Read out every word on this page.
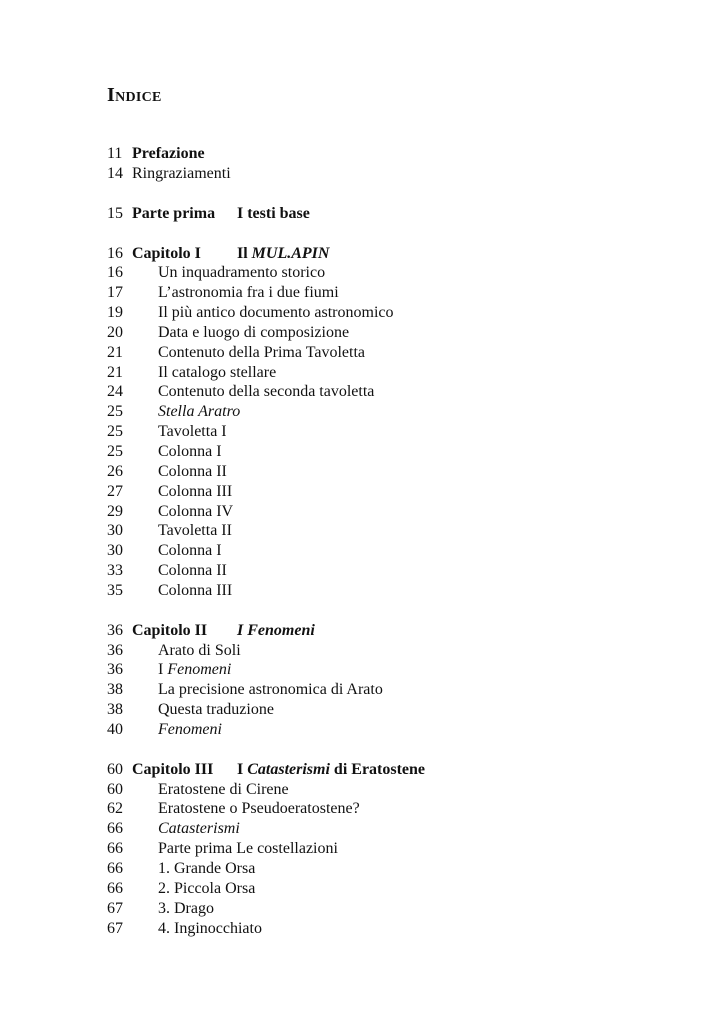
Indice
11 Prefazione
14 Ringraziamenti
15 Parte prima I testi base
16 Capitolo I Il MUL.APIN
16 Un inquadramento storico
17 L’astronomia fra i due fiumi
19 Il più antico documento astronomico
20 Data e luogo di composizione
21 Contenuto della Prima Tavoletta
21 Il catalogo stellare
24 Contenuto della seconda tavoletta
25 Stella Aratro
25 Tavoletta I
25 Colonna I
26 Colonna II
27 Colonna III
29 Colonna IV
30 Tavoletta II
30 Colonna I
33 Colonna II
35 Colonna III
36 Capitolo II I Fenomeni
36 Arato di Soli
36 I Fenomeni
38 La precisione astronomica di Arato
38 Questa traduzione
40 Fenomeni
60 Capitolo III I Catasterismi di Eratostene
60 Eratostene di Cirene
62 Eratostene o Pseudoeratostene?
66 Catasterismi
66 Parte prima Le costellazioni
66 1. Grande Orsa
66 2. Piccola Orsa
67 3. Drago
67 4. Inginocchiato
